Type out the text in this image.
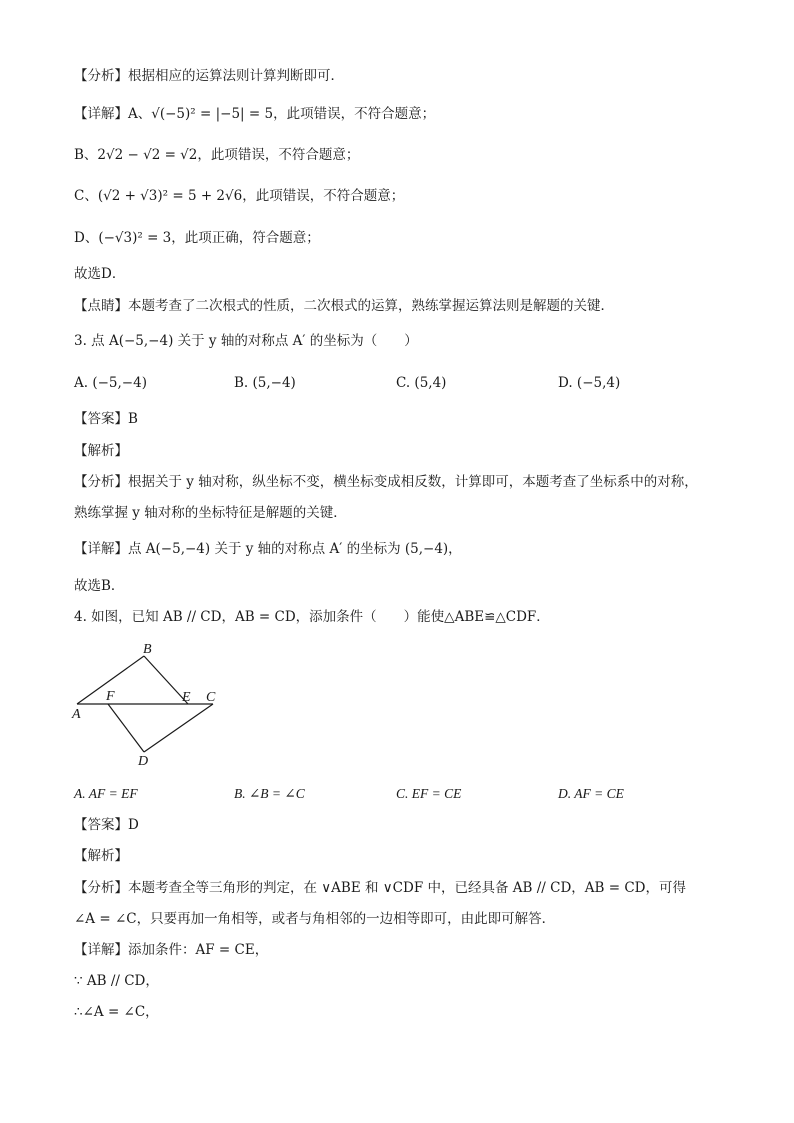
【分析】根据相应的运算法则计算判断即可．
【详解】A、√(−5)² = |−5| = 5，此项错误，不符合题意；
B、2√2 − √2 = √2，此项错误，不符合题意；
C、(√2 + √3)² = 5 + 2√6，此项错误，不符合题意；
D、(−√3)² = 3，此项正确，符合题意；
故选D．
【点睛】本题考查了二次根式的性质，二次根式的运算，熟练掌握运算法则是解题的关键．
3. 点 A(−5,−4) 关于 y 轴的对称点 A′ 的坐标为（　　）
A. (−5,−4)	B. (5,−4)	C. (5,4)	D. (−5,4)
【答案】B
【解析】
【分析】根据关于 y 轴对称，纵坐标不变，横坐标变成相反数，计算即可，本题考查了坐标系中的对称，
熟练掌握 y 轴对称的坐标特征是解题的关键．
【详解】点 A(−5,−4) 关于 y 轴的对称点 A′ 的坐标为 (5,−4)，
故选B．
4. 如图，已知 AB // CD，AB = CD，添加条件（　　）能使△ABE≌△CDF．
A
B
C
D
E
F
A. AF = EF	B. ∠B = ∠C	C. EF = CE	D. AF = CE
【答案】D
【解析】
【分析】本题考查全等三角形的判定，在 ∨ABE 和 ∨CDF 中，已经具备 AB // CD，AB = CD，可得
∠A = ∠C，只要再加一角相等，或者与角相邻的一边相等即可，由此即可解答．
【详解】添加条件：AF = CE，
∵ AB // CD，
∴∠A = ∠C，
